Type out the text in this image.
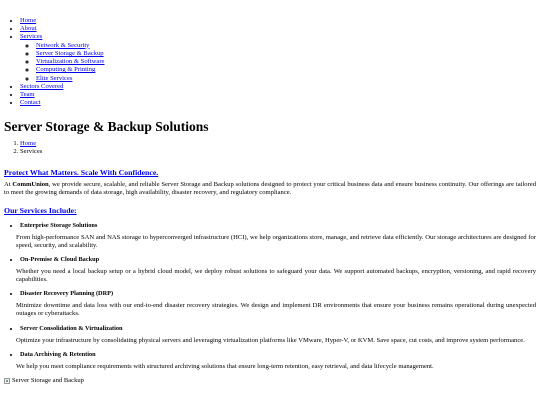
• Home
• About
• Services
◦ Network & Security
◦ Server Storage & Backup
◦ Virtualization & Software
◦ Computing & Printing
◦ Elite Services
• Sectors Covered
• Team
• Contact
Server Storage & Backup Solutions
1. Home
2. Services
Protect What Matters. Scale With Confidence.

At CommUnion, we provide secure, scalable, and reliable Server Storage and Backup solutions designed to protect your critical business data and ensure business continuity. Our offerings are tailored to meet the growing demands of data storage, high availability, disaster recovery, and regulatory compliance.

Our Services Include:
• Enterprise Storage Solutions

From high-performance SAN and NAS storage to hyperconverged infrastructure (HCI), we help organizations store, manage, and retrieve data efficiently. Our storage architectures are designed for speed, security, and scalability.

• On-Premise & Cloud Backup

Whether you need a local backup setup or a hybrid cloud model, we deploy robust solutions to safeguard your data. We support automated backups, encryption, versioning, and rapid recovery capabilities.

• Disaster Recovery Planning (DRP)

Minimize downtime and data loss with our end-to-end disaster recovery strategies. We design and implement DR environments that ensure your business remains operational during unexpected outages or cyberattacks.

• Server Consolidation & Virtualization

Optimize your infrastructure by consolidating physical servers and leveraging virtualization platforms like VMware, Hyper-V, or KVM. Save space, cut costs, and improve system performance.

• Data Archiving & Retention

We help you meet compliance requirements with structured archiving solutions that ensure long-term retention, easy retrieval, and data lifecycle management.

Server Storage and Backup
